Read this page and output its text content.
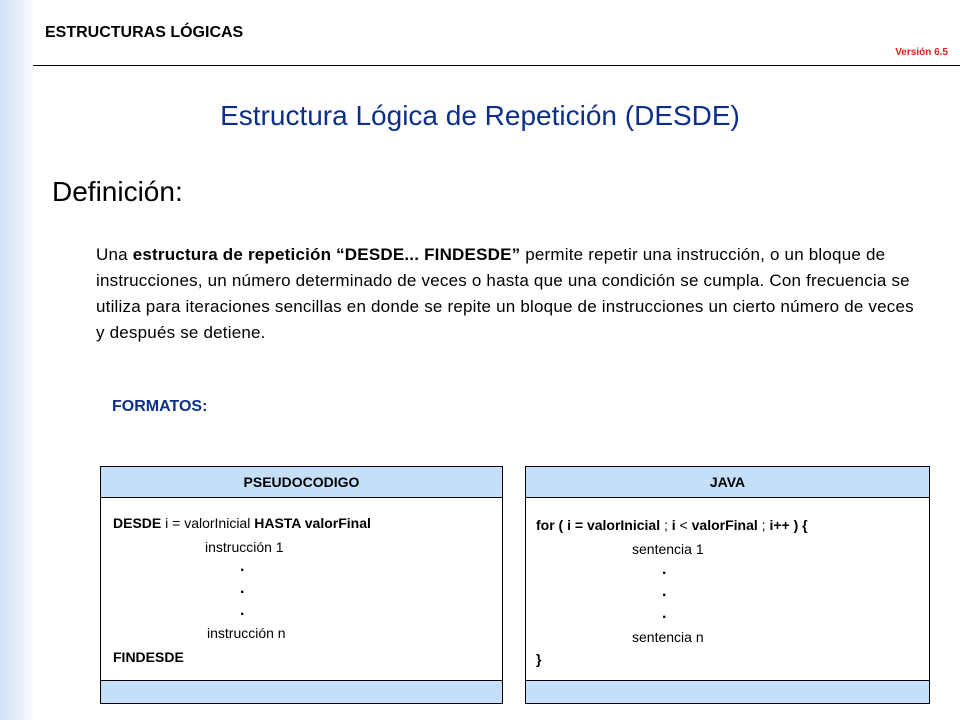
ESTRUCTURAS LÓGICAS
Versión 6.5
Estructura Lógica de Repetición (DESDE)
Definición:
Una estructura de repetición “DESDE... FINDESDE” permite repetir una instrucción, o un bloque de instrucciones, un número determinado de veces o hasta que una condición se cumpla. Con frecuencia se utiliza para iteraciones sencillas en donde se repite un bloque de instrucciones un cierto número de veces y después se detiene.
FORMATOS:
PSEUDOCODIGO
DESDE i = valorInicial HASTA valorFinal
instrucción 1
.
.
.
instrucción n
FINDESDE
JAVA
for ( i = valorInicial ; i < valorFinal ; i++ ) {
sentencia 1
.
.
.
sentencia n
}
